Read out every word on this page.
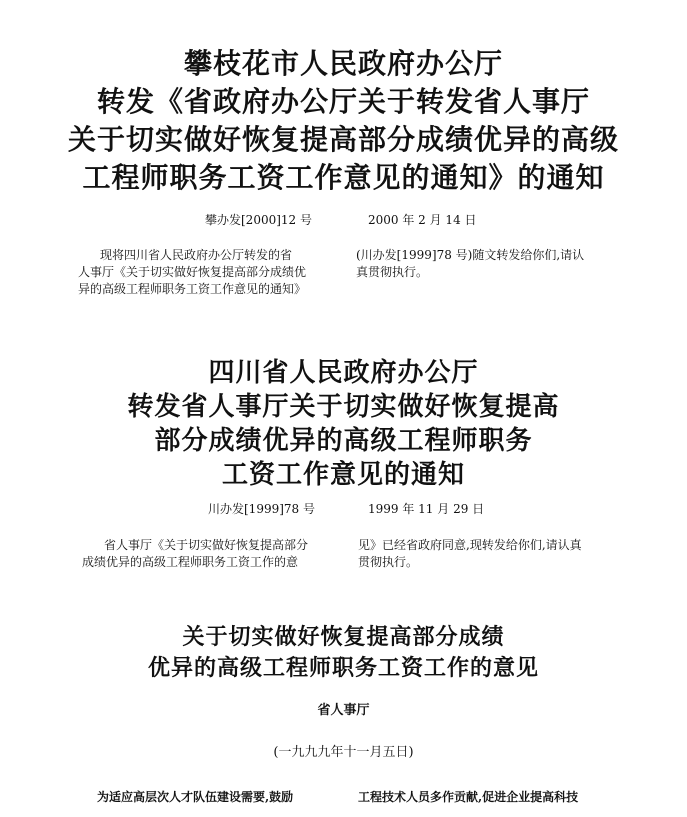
攀枝花市人民政府办公厅
转发《省政府办公厅关于转发省人事厅
关于切实做好恢复提高部分成绩优异的高级
工程师职务工资工作意见的通知》的通知
攀办发[2000]12 号	2000 年 2 月 14 日
现将四川省人民政府办公厅转发的省
人事厅《关于切实做好恢复提高部分成绩优
异的高级工程师职务工资工作意见的通知》
(川办发[1999]78 号)随文转发给你们,请认
真贯彻执行。
四川省人民政府办公厅
转发省人事厅关于切实做好恢复提高
部分成绩优异的高级工程师职务
工资工作意见的通知
川办发[1999]78 号	1999 年 11 月 29 日
省人事厅《关于切实做好恢复提高部分
成绩优异的高级工程师职务工资工作的意
见》已经省政府同意,现转发给你们,请认真
贯彻执行。
关于切实做好恢复提高部分成绩
优异的高级工程师职务工资工作的意见
省人事厅
(一九九九年十一月五日)
为适应高层次人才队伍建设需要,鼓励	工程技术人员多作贡献,促进企业提高科技
